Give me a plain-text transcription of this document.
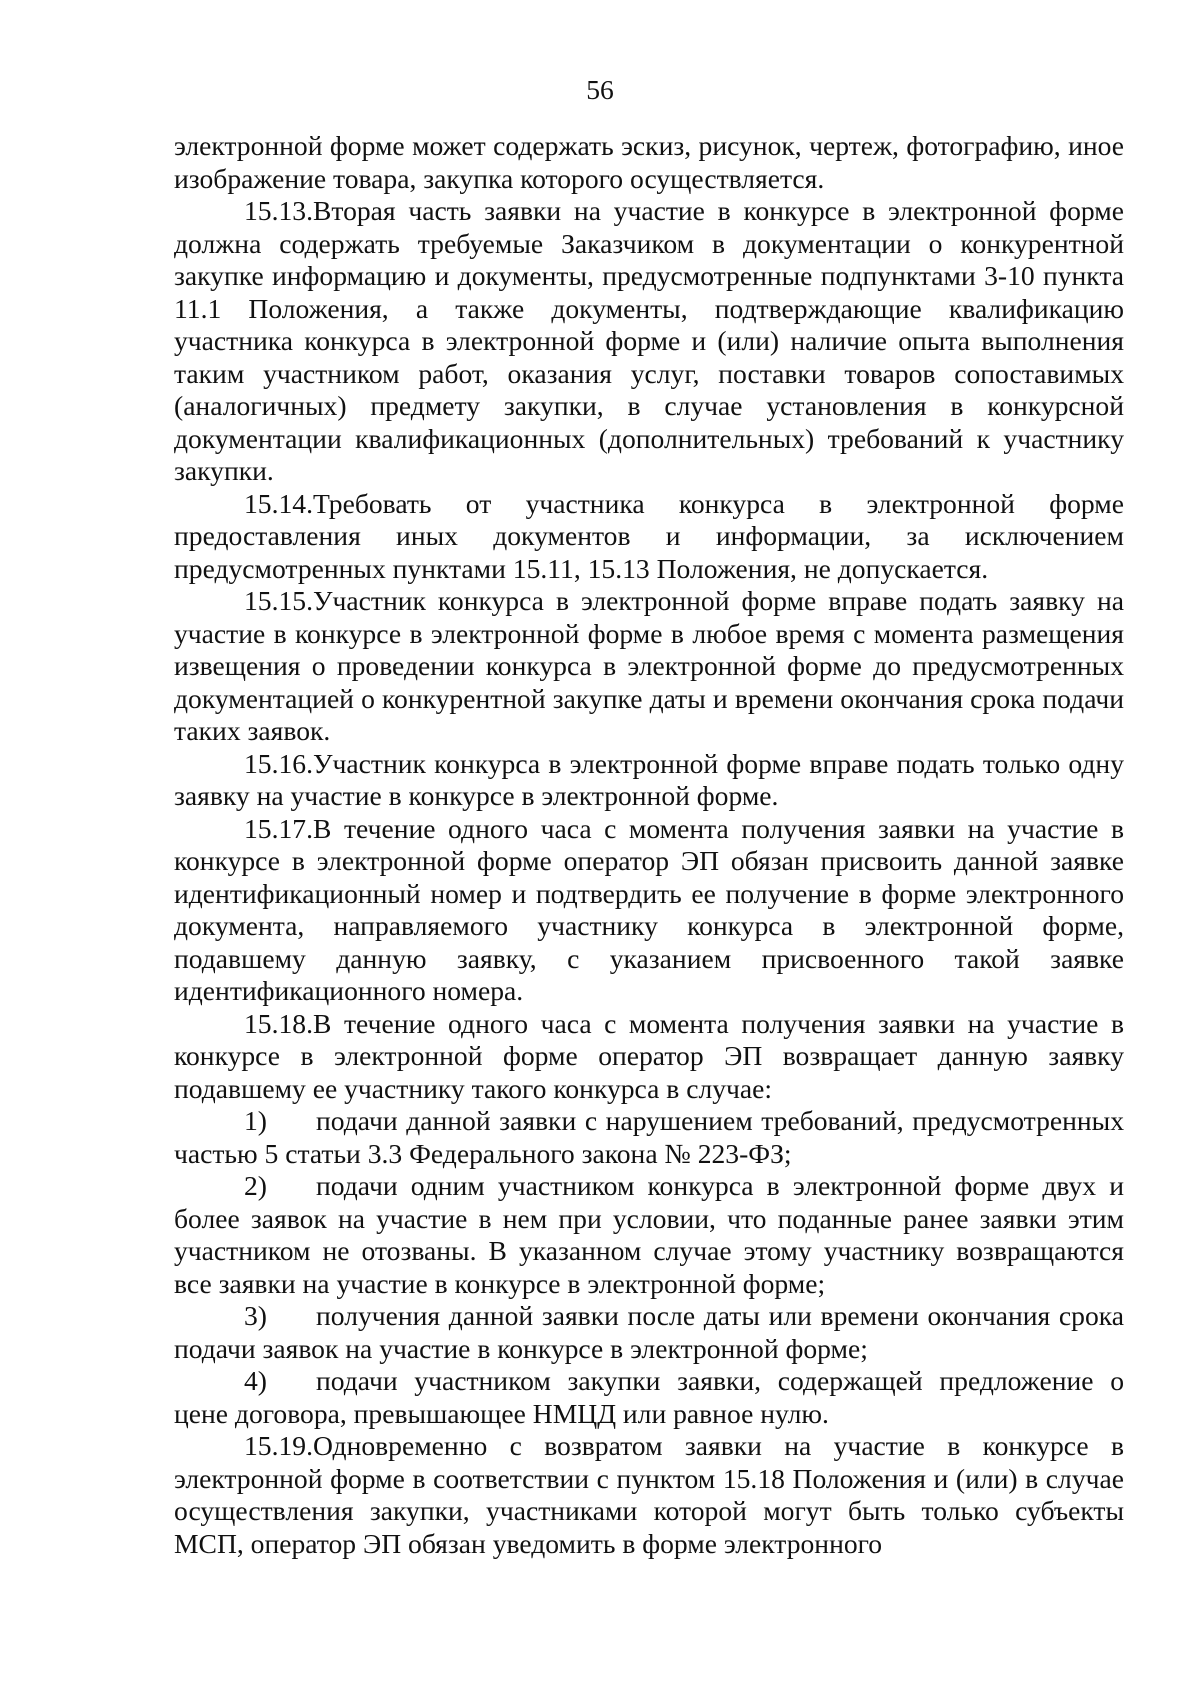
56

электронной форме может содержать эскиз, рисунок, чертеж, фотографию, иное изображение товара, закупка которого осуществляется.

15.13.Вторая часть заявки на участие в конкурсе в электронной форме должна содержать требуемые Заказчиком в документации о конкурентной закупке информацию и документы, предусмотренные подпунктами 3-10 пункта 11.1 Положения, а также документы, подтверждающие квалификацию участника конкурса в электронной форме и (или) наличие опыта выполнения таким участником работ, оказания услуг, поставки товаров сопоставимых (аналогичных) предмету закупки, в случае установления в конкурсной документации квалификационных (дополнительных) требований к участнику закупки.

15.14.Требовать от участника конкурса в электронной форме предоставления иных документов и информации, за исключением предусмотренных пунктами 15.11, 15.13 Положения, не допускается.

15.15.Участник конкурса в электронной форме вправе подать заявку на участие в конкурсе в электронной форме в любое время с момента размещения извещения о проведении конкурса в электронной форме до предусмотренных документацией о конкурентной закупке даты и времени окончания срока подачи таких заявок.

15.16.Участник конкурса в электронной форме вправе подать только одну заявку на участие в конкурсе в электронной форме.

15.17.В течение одного часа с момента получения заявки на участие в конкурсе в электронной форме оператор ЭП обязан присвоить данной заявке идентификационный номер и подтвердить ее получение в форме электронного документа, направляемого участнику конкурса в электронной форме, подавшему данную заявку, с указанием присвоенного такой заявке идентификационного номера.

15.18.В течение одного часа с момента получения заявки на участие в конкурсе в электронной форме оператор ЭП возвращает данную заявку подавшему ее участнику такого конкурса в случае:

1) подачи данной заявки с нарушением требований, предусмотренных частью 5 статьи 3.3 Федерального закона № 223-ФЗ;

2) подачи одним участником конкурса в электронной форме двух и более заявок на участие в нем при условии, что поданные ранее заявки этим участником не отозваны. В указанном случае этому участнику возвращаются все заявки на участие в конкурсе в электронной форме;

3) получения данной заявки после даты или времени окончания срока подачи заявок на участие в конкурсе в электронной форме;

4) подачи участником закупки заявки, содержащей предложение о цене договора, превышающее НМЦД или равное нулю.

15.19.Одновременно с возвратом заявки на участие в конкурсе в электронной форме в соответствии с пунктом 15.18 Положения и (или) в случае осуществления закупки, участниками которой могут быть только субъекты МСП, оператор ЭП обязан уведомить в форме электронного
